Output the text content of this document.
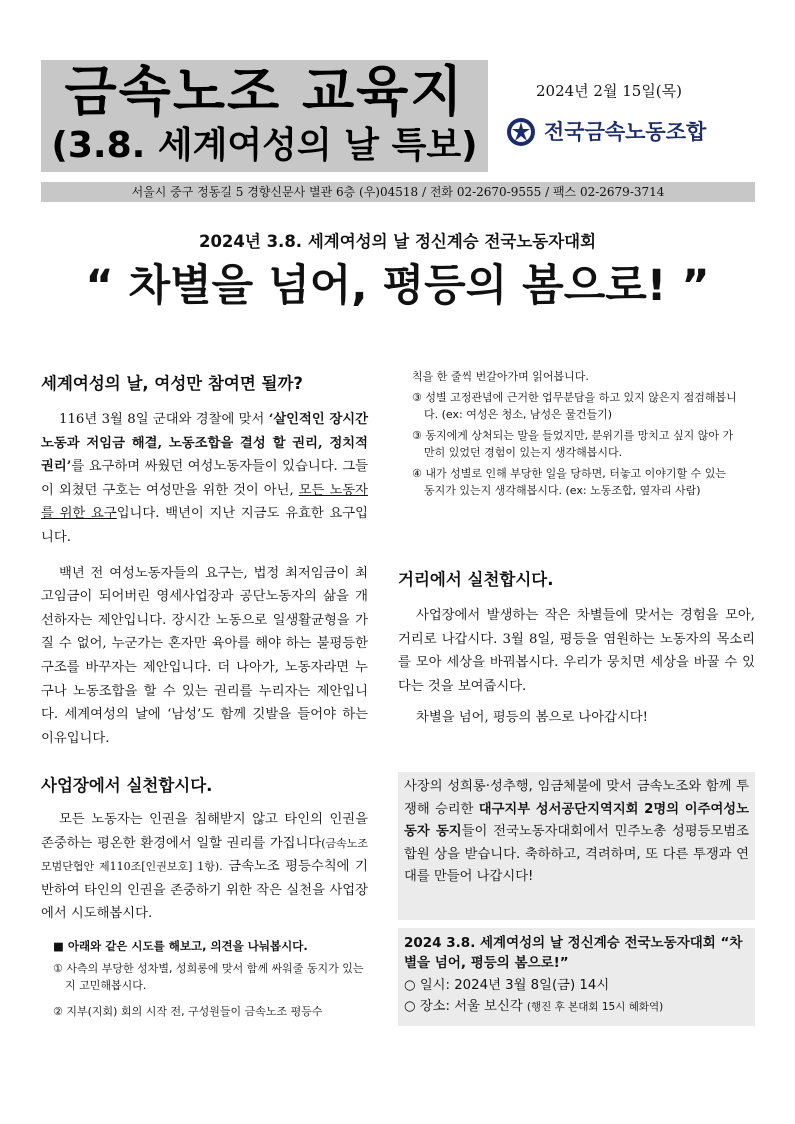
금속노조 교육지
(3.8. 세계여성의 날 특보)
2024년 2월 15일(목)
전국금속노동조합
서울시 중구 정동길 5 경향신문사 별관 6층 (우)04518 / 전화 02-2670-9555 / 팩스 02-2679-3714
2024년 3.8. 세계여성의 날 정신계승 전국노동자대회
“ 차별을 넘어, 평등의 봄으로! ”
세계여성의 날, 여성만 참여면 될까?
116년 3월 8일 군대와 경찰에 맞서 ‘살인적인 장시간 노동과 저임금 해결, 노동조합을 결성 할 권리, 정치적 권리’를 요구하며 싸웠던 여성노동자들이 있습니다. 그들이 외쳤던 구호는 여성만을 위한 것이 아닌, 모든 노동자를 위한 요구입니다. 백년이 지난 지금도 유효한 요구입니다.
백년 전 여성노동자들의 요구는, 법정 최저임금이 최고임금이 되어버린 영세사업장과 공단노동자의 삶을 개선하자는 제안입니다. 장시간 노동으로 일생활균형을 가질 수 없어, 누군가는 혼자만 육아를 해야 하는 불평등한 구조를 바꾸자는 제안입니다. 더 나아가, 노동자라면 누구나 노동조합을 할 수 있는 권리를 누리자는 제안입니다. 세계여성의 날에 ‘남성’도 함께 깃발을 들어야 하는 이유입니다.
사업장에서 실천합시다.
모든 노동자는 인권을 침해받지 않고 타인의 인권을 존중하는 평온한 환경에서 일할 권리를 가집니다(금속노조 모범단협안 제110조[인권보호] 1항). 금속노조 평등수칙에 기반하여 타인의 인권을 존중하기 위한 작은 실천을 사업장에서 시도해봅시다.
■ 아래와 같은 시도를 해보고, 의견을 나눠봅시다.
① 사측의 부당한 성차별, 성희롱에 맞서 함께 싸워줄 동지가 있는지 고민해봅시다.
② 지부(지회) 회의 시작 전, 구성원들이 금속노조 평등수
칙을 한 줄씩 번갈아가며 읽어봅니다.
③ 성별 고정관념에 근거한 업무분담을 하고 있지 않은지 점검해봅니다. (ex: 여성은 청소, 남성은 물건들기)
③ 동지에게 상처되는 말을 들었지만, 분위기를 망치고 싶지 않아 가만히 있었던 경험이 있는지 생각해봅시다.
④ 내가 성별로 인해 부당한 일을 당하면, 터놓고 이야기할 수 있는 동지가 있는지 생각해봅시다. (ex: 노동조합, 옆자리 사람)
거리에서 실천합시다.
사업장에서 발생하는 작은 차별들에 맞서는 경험을 모아, 거리로 나갑시다. 3월 8일, 평등을 염원하는 노동자의 목소리를 모아 세상을 바꿔봅시다. 우리가 뭉치면 세상을 바꿀 수 있다는 것을 보여줍시다.
차별을 넘어, 평등의 봄으로 나아갑시다!
사장의 성희롱·성추행, 임금체불에 맞서 금속노조와 함께 투쟁해 승리한 대구지부 성서공단지역지회 2명의 이주여성노동자 동지들이 전국노동자대회에서 민주노총 성평등모범조합원 상을 받습니다. 축하하고, 격려하며, 또 다른 투쟁과 연대를 만들어 나갑시다!
2024 3.8. 세계여성의 날 정신계승 전국노동자대회 “차별을 넘어, 평등의 봄으로!”
○ 일시: 2024년 3월 8일(금) 14시
○ 장소: 서울 보신각 (행진 후 본대회 15시 혜화역)
